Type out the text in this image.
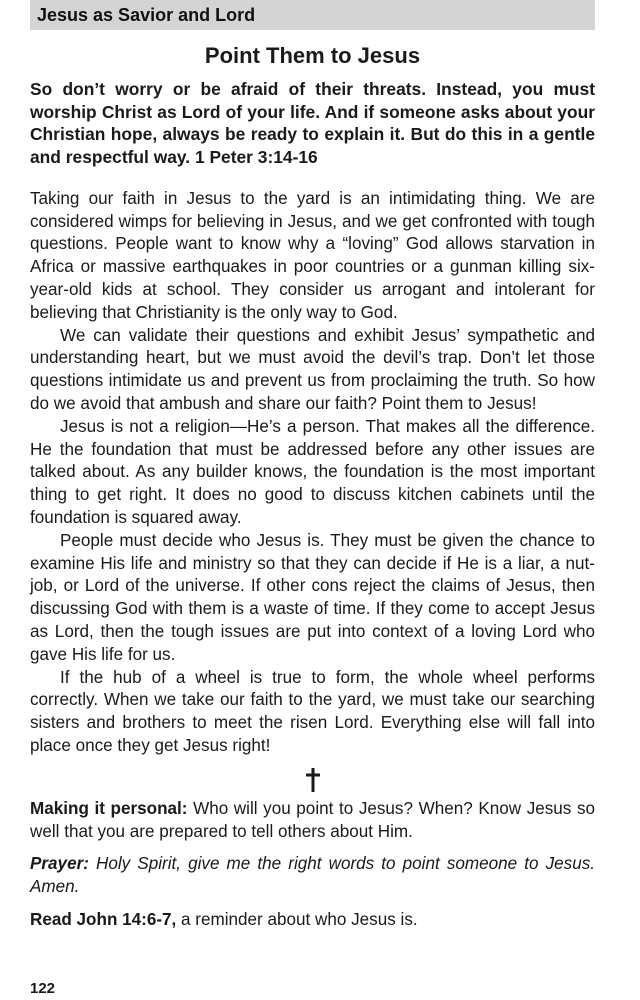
Jesus as Savior and Lord
Point Them to Jesus
So don’t worry or be afraid of their threats. Instead, you must worship Christ as Lord of your life. And if someone asks about your Christian hope, always be ready to explain it. But do this in a gentle and respectful way. 1 Peter 3:14-16

Taking our faith in Jesus to the yard is an intimidating thing. We are considered wimps for believing in Jesus, and we get confronted with tough questions. People want to know why a “loving” God allows starvation in Africa or massive earthquakes in poor countries or a gunman killing six-year-old kids at school. They consider us arrogant and intolerant for believing that Christianity is the only way to God.

We can validate their questions and exhibit Jesus’ sympathetic and understanding heart, but we must avoid the devil’s trap. Don’t let those questions intimidate us and prevent us from proclaiming the truth. So how do we avoid that ambush and share our faith? Point them to Jesus!

Jesus is not a religion—He’s a person. That makes all the difference. He the foundation that must be addressed before any other issues are talked about. As any builder knows, the foundation is the most important thing to get right. It does no good to discuss kitchen cabinets until the foundation is squared away.

People must decide who Jesus is. They must be given the chance to examine His life and ministry so that they can decide if He is a liar, a nut-job, or Lord of the universe. If other cons reject the claims of Jesus, then discussing God with them is a waste of time. If they come to accept Jesus as Lord, then the tough issues are put into context of a loving Lord who gave His life for us.

If the hub of a wheel is true to form, the whole wheel performs correctly. When we take our faith to the yard, we must take our searching sisters and brothers to meet the risen Lord. Everything else will fall into place once they get Jesus right!

Making it personal: Who will you point to Jesus? When? Know Jesus so well that you are prepared to tell others about Him.

Prayer: Holy Spirit, give me the right words to point someone to Jesus. Amen.

Read John 14:6-7, a reminder about who Jesus is.

122
